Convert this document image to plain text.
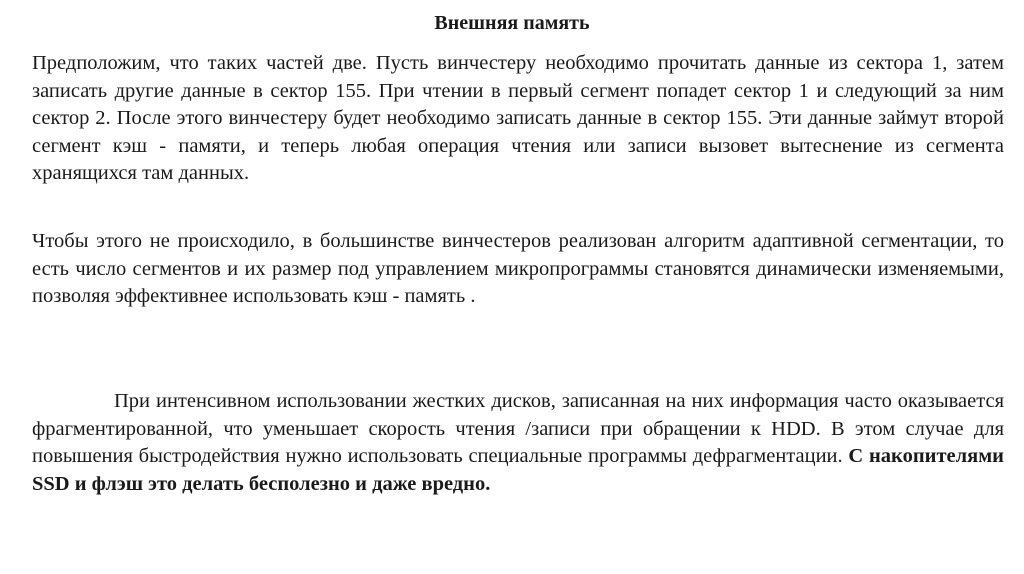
Внешняя память

Предположим, что таких частей две. Пусть винчестеру необходимо прочитать данные из сектора 1, затем записать другие данные в сектор 155. При чтении в первый сегмент попадет сектор 1 и следующий за ним сектор 2. После этого винчестеру будет необходимо записать данные в сектор 155. Эти данные займут второй сегмент кэш - памяти, и теперь любая операция чтения или записи вызовет вытеснение из сегмента хранящихся там данных.

Чтобы этого не происходило, в большинстве винчестеров реализован алгоритм адаптивной сегментации, то есть число сегментов и их размер под управлением микропрограммы становятся динамически изменяемыми, позволяя эффективнее использовать кэш - память .

При интенсивном использовании жестких дисков, записанная на них информация часто оказывается фрагментированной, что уменьшает скорость чтения /записи при обращении к HDD. В этом случае для повышения быстродействия нужно использовать специальные программы дефрагментации. С накопителями SSD и флэш это делать бесполезно и даже вредно.
